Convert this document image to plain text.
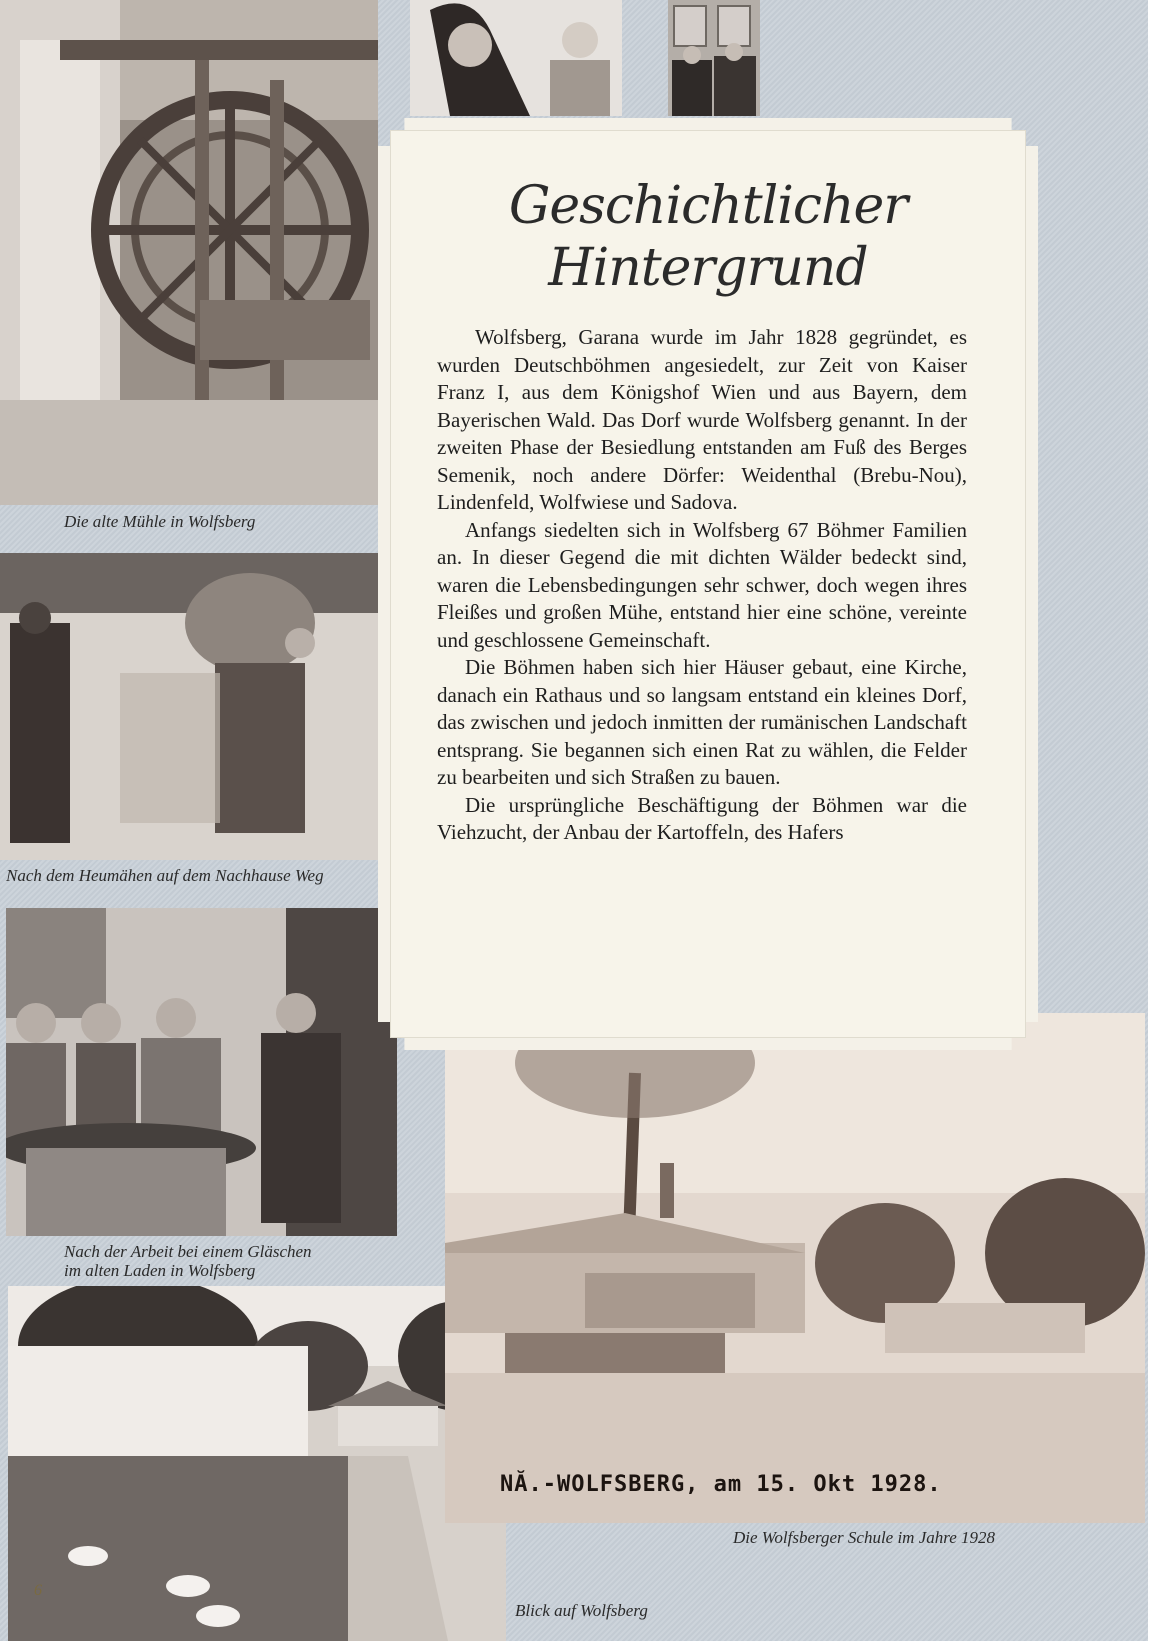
Die alte Mühle in Wolfsberg
Nach dem Heumähen auf dem Nachhause Weg
Nach der Arbeit bei einem Gläschen
im alten Laden in Wolfsberg
6
Blick auf Wolfsberg
NĂ.-WOLFSBERG, am 15. Okt 1928.
Die Wolfsberger Schule im Jahre 1928
Geschichtlicher
Hintergrund

Wolfsberg, Garana wurde im Jahr 1828 gegründet, es wurden Deutschböhmen angesiedelt, zur Zeit von Kaiser Franz I, aus dem Königshof Wien und aus Bayern, dem Bayerischen Wald. Das Dorf wurde Wolfsberg genannt. In der zweiten Phase der Besiedlung entstanden am Fuß des Berges Semenik, noch andere Dörfer: Weidenthal (Brebu-Nou), Lindenfeld, Wolfwiese und Sadova.

Anfangs siedelten sich in Wolfsberg 67 Böhmer Familien an. In dieser Gegend die mit dichten Wälder bedeckt sind, waren die Lebensbedingungen sehr schwer, doch wegen ihres Fleißes und großen Mühe, entstand hier eine schöne, vereinte und geschlossene Gemeinschaft.

Die Böhmen haben sich hier Häuser gebaut, eine Kirche, danach ein Rathaus und so langsam entstand ein kleines Dorf, das zwischen und jedoch inmitten der rumänischen Landschaft entsprang. Sie begannen sich einen Rat zu wählen, die Felder zu bearbeiten und sich Straßen zu bauen.

Die ursprüngliche Beschäftigung der Böhmen war die Viehzucht, der Anbau der Kartoffeln, des Hafers
